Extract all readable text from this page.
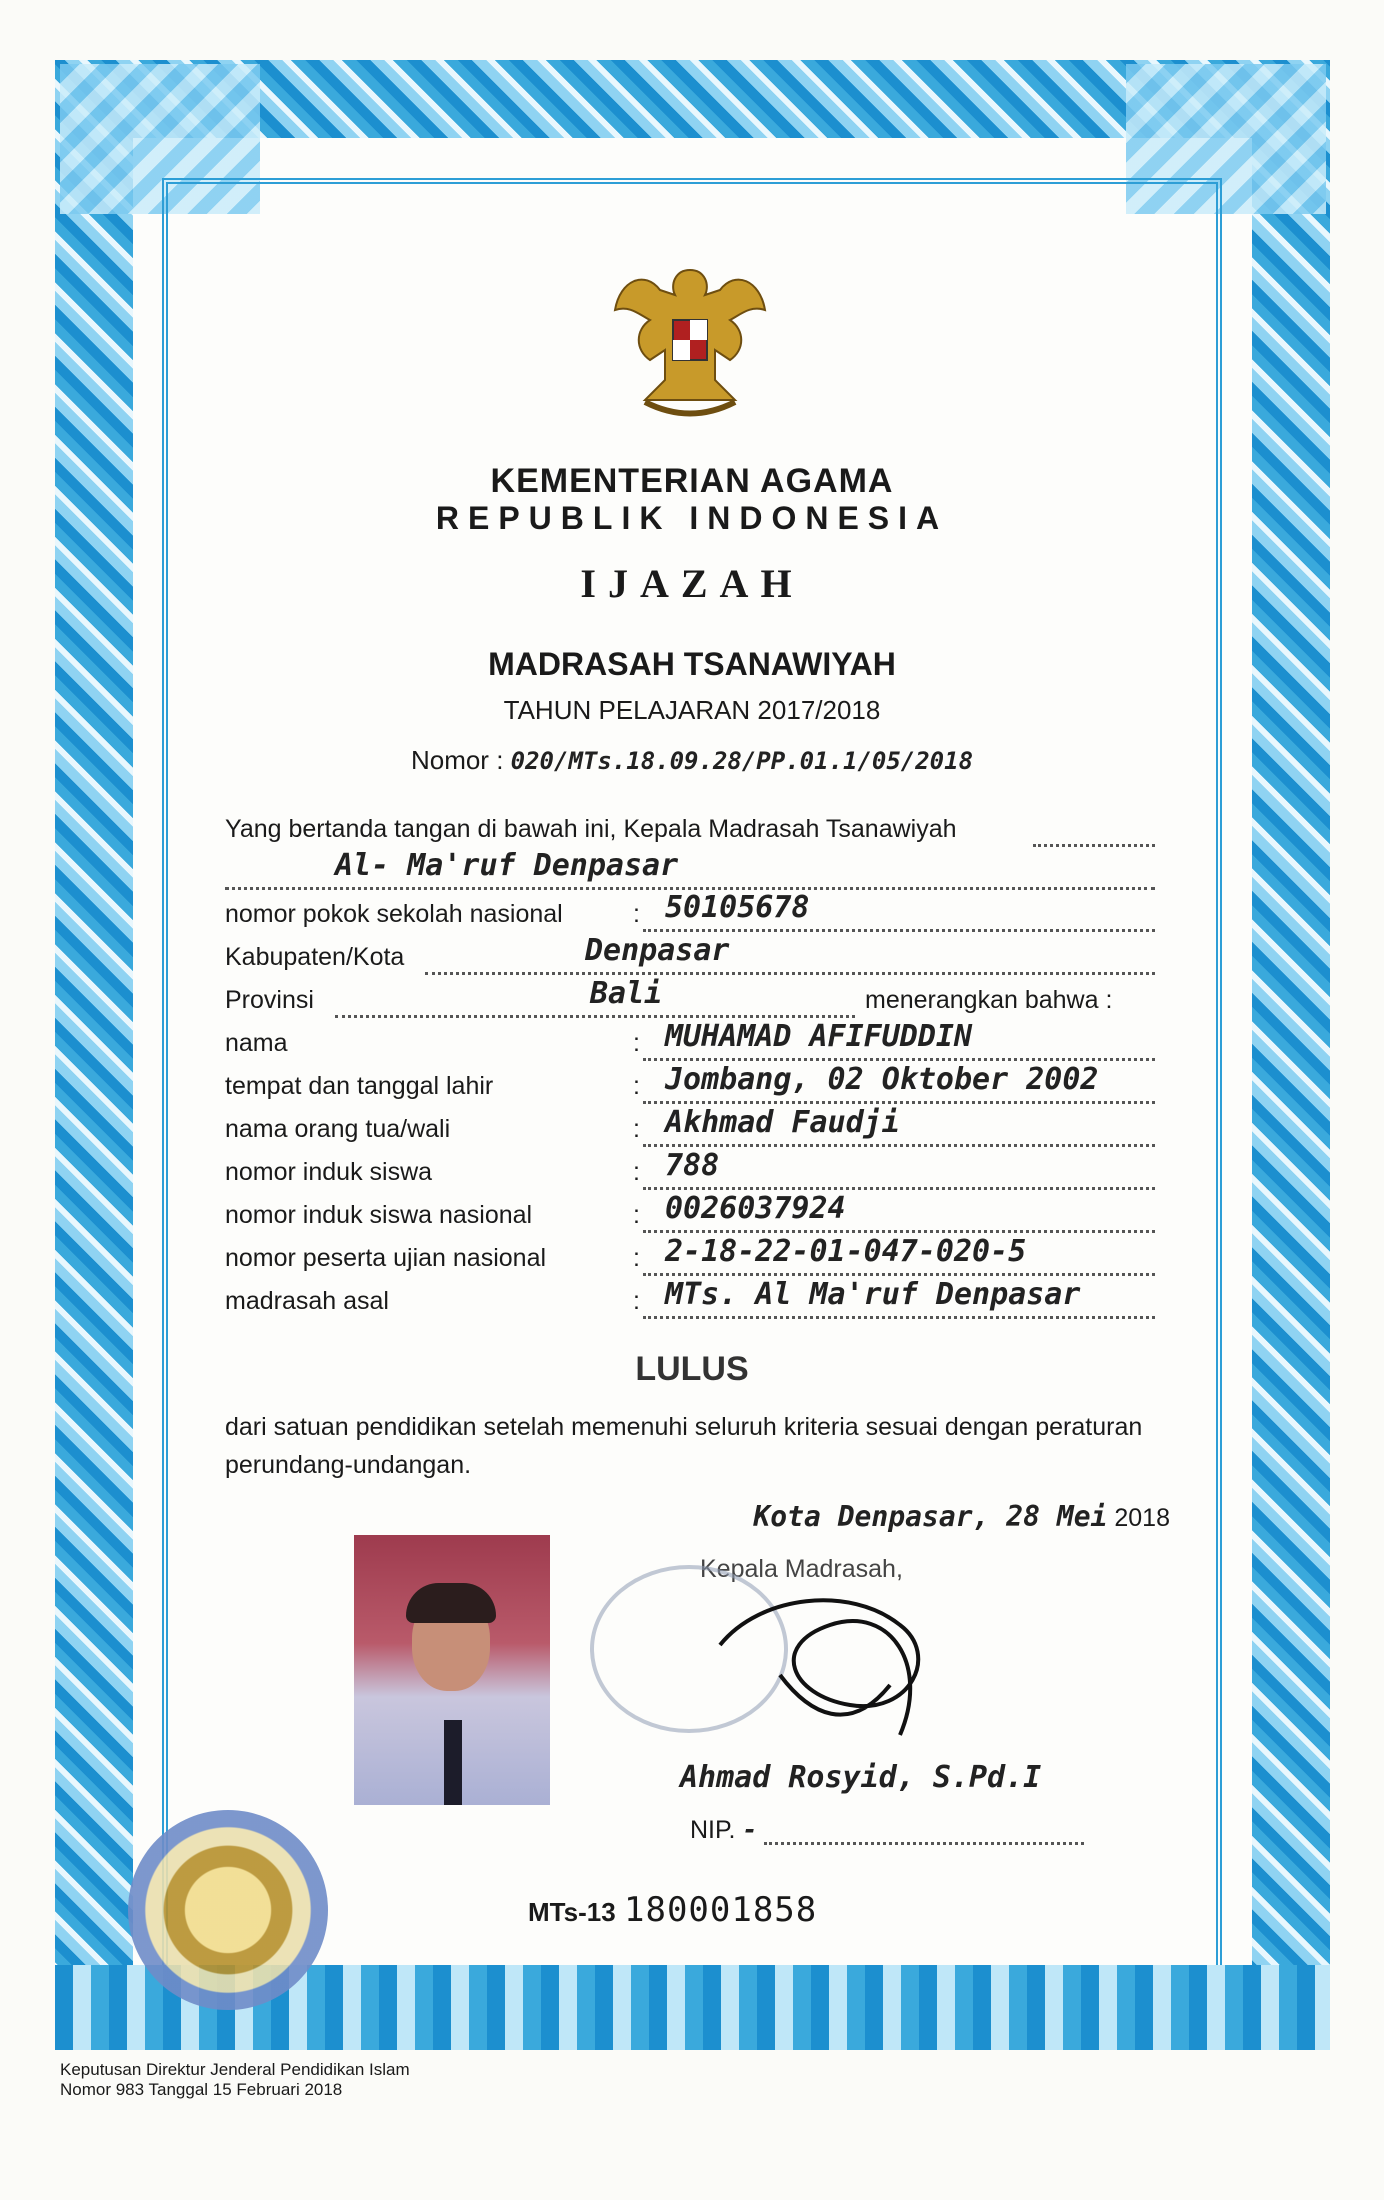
KEMENTERIAN AGAMA
REPUBLIK INDONESIA
IJAZAH
MADRASAH TSANAWIYAH
TAHUN PELAJARAN 2017/2018
Nomor : 020/MTs.18.09.28/PP.01.1/05/2018
Yang bertanda tangan di bawah ini, Kepala Madrasah Tsanawiyah
Al- Ma'ruf Denpasar
nomor pokok sekolah nasional	: 50105678
Kabupaten/Kota	Denpasar
Provinsi	Bali	menerangkan bahwa :
nama	: MUHAMAD AFIFUDDIN
tempat dan tanggal lahir	: Jombang, 02 Oktober 2002
nama orang tua/wali	: Akhmad Faudji
nomor induk siswa	: 788
nomor induk siswa nasional	: 0026037924
nomor peserta ujian nasional	: 2-18-22-01-047-020-5
madrasah asal	: MTs. Al Ma'ruf Denpasar
LULUS
dari satuan pendidikan setelah memenuhi seluruh kriteria sesuai dengan peraturan perundang-undangan.
Kota Denpasar, 28 Mei 2018
Kepala Madrasah,
Ahmad Rosyid, S.Pd.I
NIP. -
MTs-13 180001858
Keputusan Direktur Jenderal Pendidikan Islam
Nomor 983 Tanggal 15 Februari 2018
